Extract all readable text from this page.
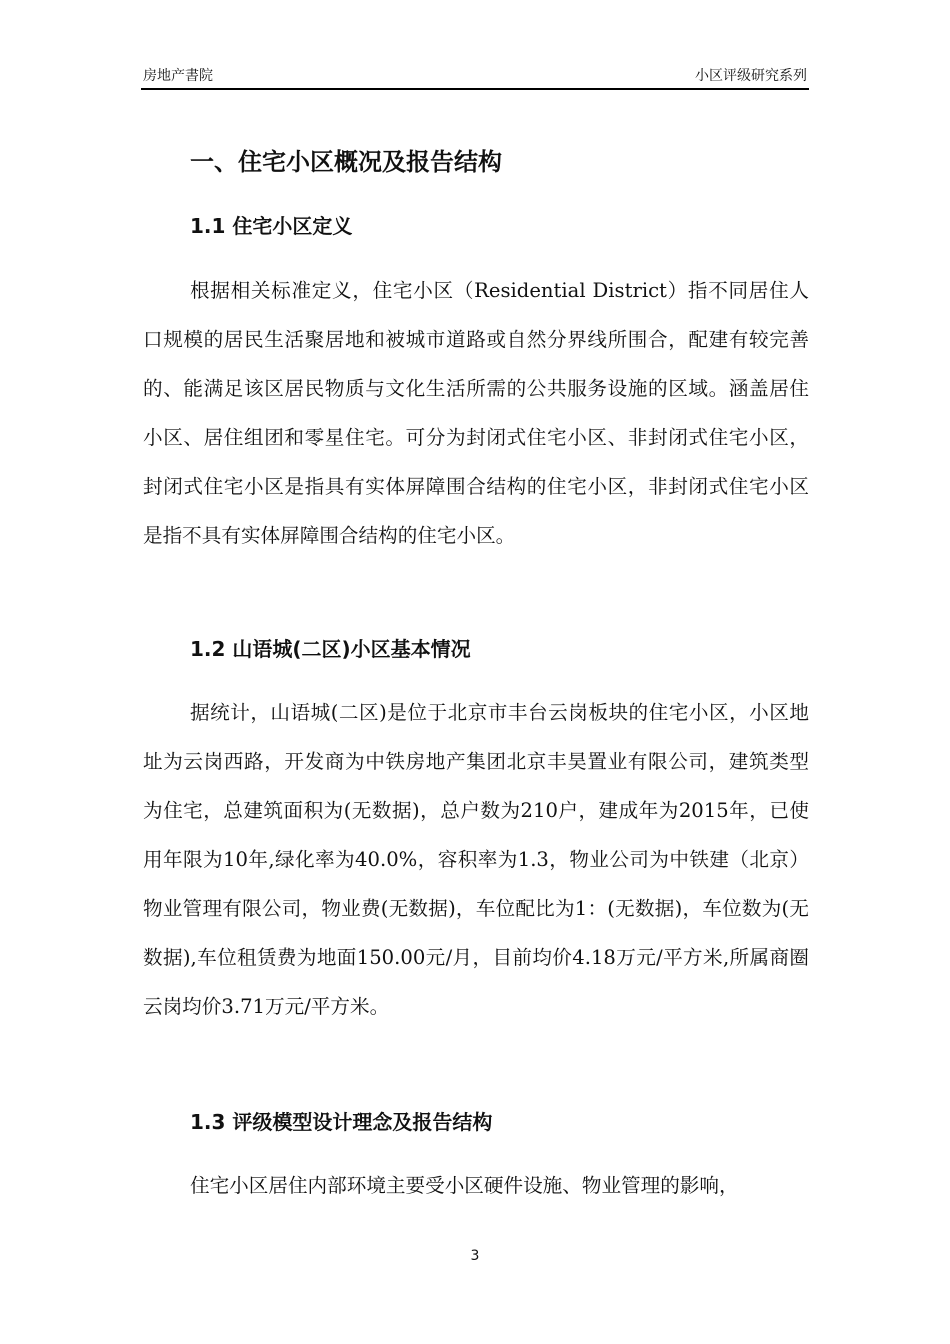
房地产書院	小区评级研究系列
一、住宅小区概况及报告结构
1.1 住宅小区定义

根据相关标准定义，住宅小区（Residential District）指不同居住人口规模的居民生活聚居地和被城市道路或自然分界线所围合，配建有较完善的、能满足该区居民物质与文化生活所需的公共服务设施的区域。涵盖居住小区、居住组团和零星住宅。可分为封闭式住宅小区、非封闭式住宅小区，封闭式住宅小区是指具有实体屏障围合结构的住宅小区，非封闭式住宅小区是指不具有实体屏障围合结构的住宅小区。

1.2 山语城(二区)小区基本情况

据统计，山语城(二区)是位于北京市丰台云岗板块的住宅小区，小区地址为云岗西路，开发商为中铁房地产集团北京丰昊置业有限公司，建筑类型为住宅，总建筑面积为(无数据)，总户数为210户，建成年为2015年，已使用年限为10年,绿化率为40.0%，容积率为1.3，物业公司为中铁建（北京）物业管理有限公司，物业费(无数据)，车位配比为1：(无数据)，车位数为(无数据),车位租赁费为地面150.00元/月，目前均价4.18万元/平方米,所属商圈云岗均价3.71万元/平方米。

1.3 评级模型设计理念及报告结构

住宅小区居住内部环境主要受小区硬件设施、物业管理的影响，

3
